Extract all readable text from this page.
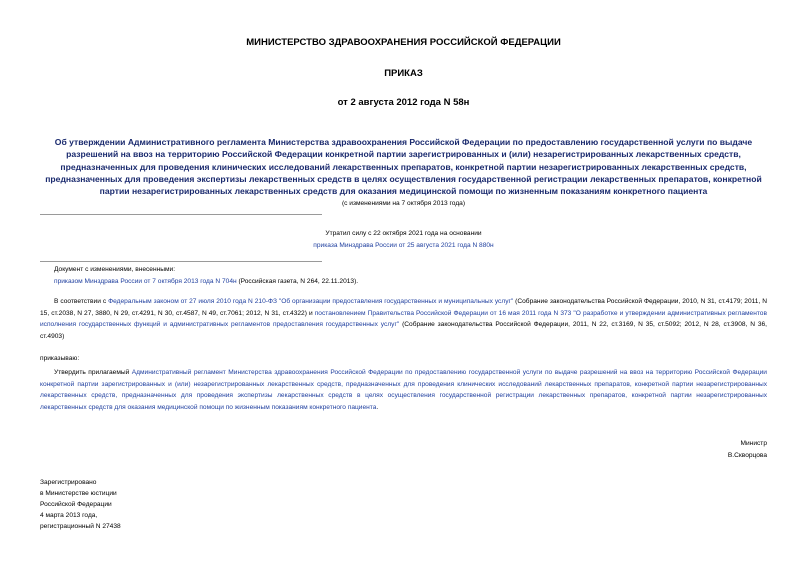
МИНИСТЕРСТВО ЗДРАВООХРАНЕНИЯ РОССИЙСКОЙ ФЕДЕРАЦИИ
ПРИКАЗ
от 2 августа 2012 года N 58н
Об утверждении Административного регламента Министерства здравоохранения Российской Федерации по предоставлению государственной услуги по выдаче разрешений на ввоз на территорию Российской Федерации конкретной партии зарегистрированных и (или) незарегистрированных лекарственных средств, предназначенных для проведения клинических исследований лекарственных препаратов, конкретной партии незарегистрированных лекарственных средств, предназначенных для проведения экспертизы лекарственных средств в целях осуществления государственной регистрации лекарственных препаратов, конкретной партии незарегистрированных лекарственных средств для оказания медицинской помощи по жизненным показаниям конкретного пациента
(с изменениями на 7 октября 2013 года)
Утратил силу с 22 октября 2021 года на основании
приказа Минздрава России от 25 августа 2021 года N 880н
Документ с изменениями, внесенными:
приказом Минздрава России от 7 октября 2013 года N 704н (Российская газета, N 264, 22.11.2013).
В соответствии с Федеральным законом от 27 июля 2010 года N 210-ФЗ "Об организации предоставления государственных и муниципальных услуг" (Собрание законодательства Российской Федерации, 2010, N 31, ст.4179; 2011, N 15, ст.2038, N 27, 3880, N 29, ст.4291, N 30, ст.4587, N 49, ст.7061; 2012, N 31, ст.4322) и постановлением Правительства Российской Федерации от 16 мая 2011 года N 373 "О разработке и утверждении административных регламентов исполнения государственных функций и административных регламентов предоставления государственных услуг" (Собрание законодательства Российской Федерации, 2011, N 22, ст.3169, N 35, ст.5092; 2012, N 28, ст.3908, N 36, ст.4903)
приказываю:
Утвердить прилагаемый Административный регламент Министерства здравоохранения Российской Федерации по предоставлению государственной услуги по выдаче разрешений на ввоз на территорию Российской Федерации конкретной партии зарегистрированных и (или) незарегистрированных лекарственных средств, предназначенных для проведения клинических исследований лекарственных препаратов, конкретной партии незарегистрированных лекарственных средств, предназначенных для проведения экспертизы лекарственных средств в целях осуществления государственной регистрации лекарственных препаратов, конкретной партии незарегистрированных лекарственных средств для оказания медицинской помощи по жизненным показаниям конкретного пациента.
Министр
В.Скворцова
Зарегистрировано
в Министерстве юстиции
Российской Федерации
4 марта 2013 года,
регистрационный N 27438
